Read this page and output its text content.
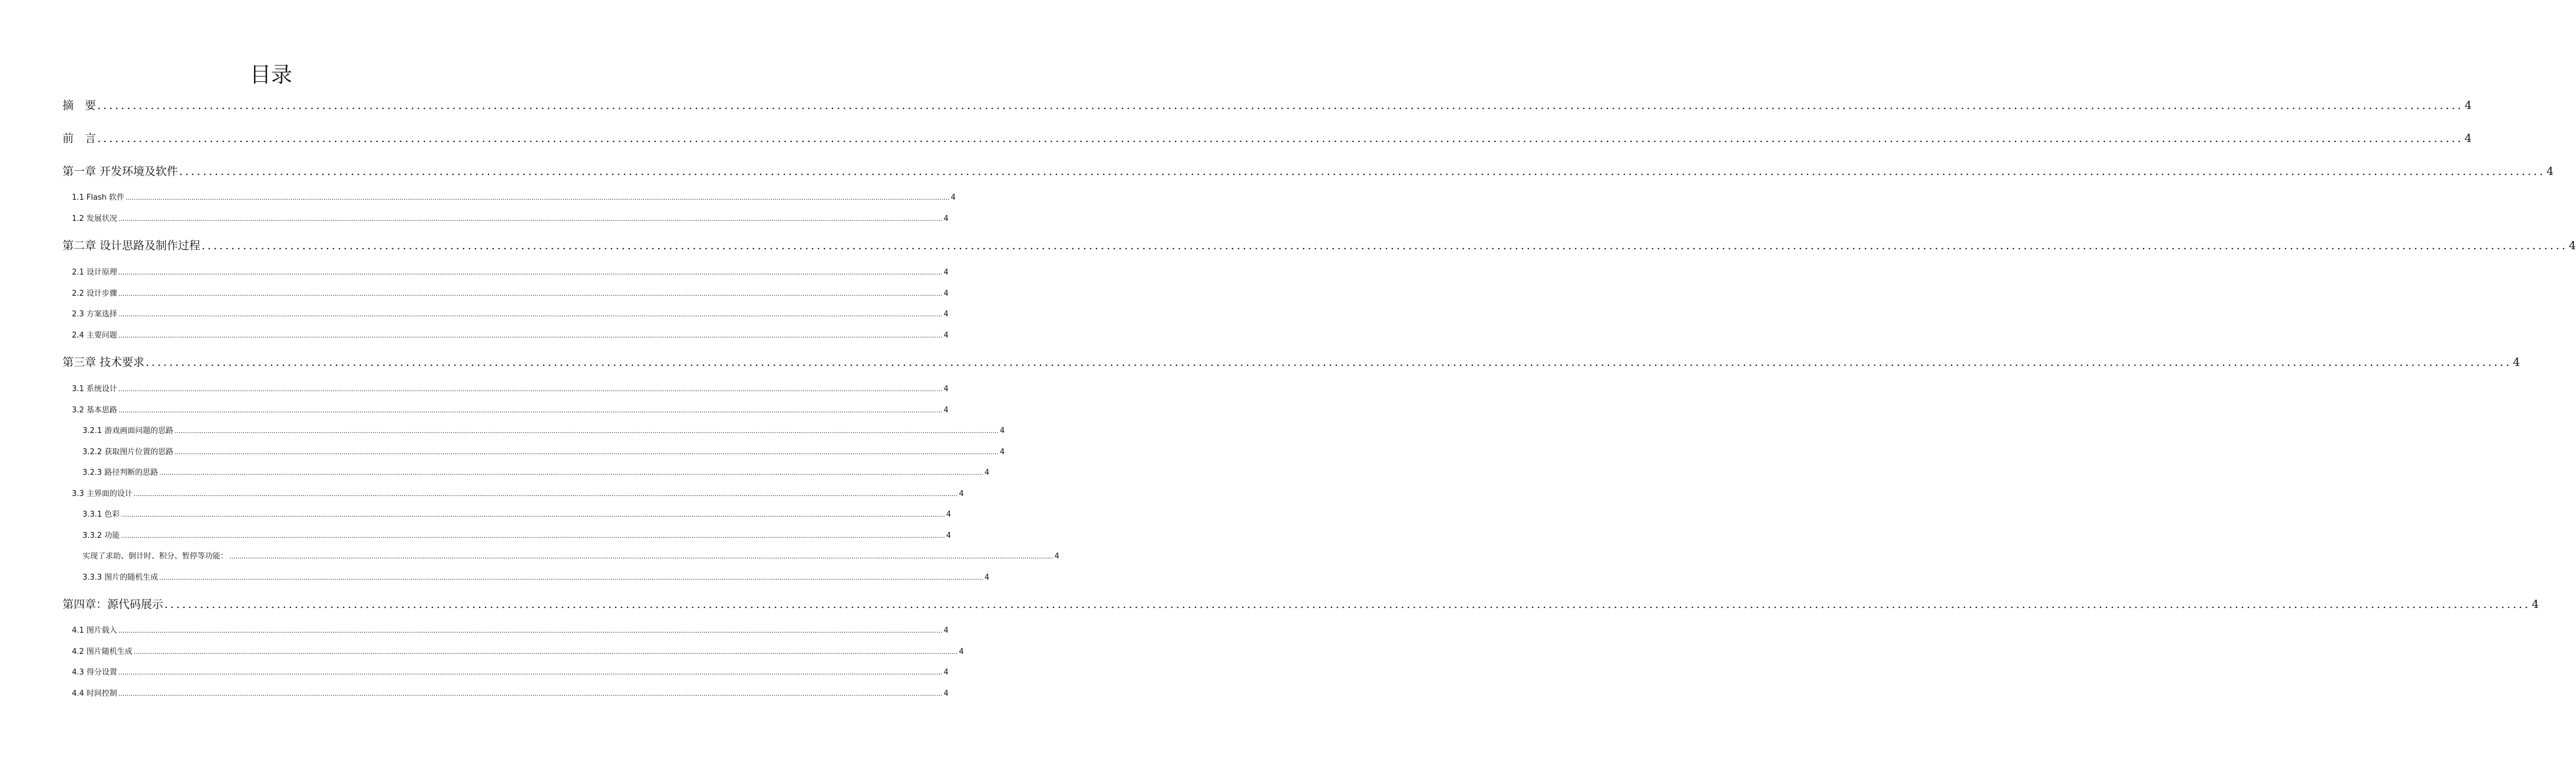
目录
摘　要 ................................................................................................................................................................................................................................................................................................................................................................................................................ 4
前　言 ................................................................................................................................................................................................................................................................................................................................................................................................................ 4
第一章 开发环境及软件 ................................................................................................................................................................................................................................................................................................................................................................................................................ 4
1.1 Flash 软件 ................................................................................................................................................................................................................................................................................................................................................................................................................ 4
1.2 发展状况 ................................................................................................................................................................................................................................................................................................................................................................................................................ 4
第二章 设计思路及制作过程 ................................................................................................................................................................................................................................................................................................................................................................................................................ 4
2.1 设计原理 ................................................................................................................................................................................................................................................................................................................................................................................................................ 4
2.2 设计步骤 ................................................................................................................................................................................................................................................................................................................................................................................................................ 4
2.3 方案选择 ................................................................................................................................................................................................................................................................................................................................................................................................................ 4
2.4 主要问题 ................................................................................................................................................................................................................................................................................................................................................................................................................ 4
第三章 技术要求 ................................................................................................................................................................................................................................................................................................................................................................................................................ 4
3.1 系统设计 ................................................................................................................................................................................................................................................................................................................................................................................................................ 4
3.2 基本思路 ................................................................................................................................................................................................................................................................................................................................................................................................................ 4
3.2.1 游戏画面问题的思路 ................................................................................................................................................................................................................................................................................................................................................................................................................ 4
3.2.2 获取图片位置的思路 ................................................................................................................................................................................................................................................................................................................................................................................................................ 4
3.2.3 路径判断的思路 ................................................................................................................................................................................................................................................................................................................................................................................................................ 4
3.3 主界面的设计 ................................................................................................................................................................................................................................................................................................................................................................................................................ 4
3.3.1 色彩 ................................................................................................................................................................................................................................................................................................................................................................................................................ 4
3.3.2 功能 ................................................................................................................................................................................................................................................................................................................................................................................................................ 4
实现了求助、倒计时、积分、暂停等功能： ................................................................................................................................................................................................................................................................................................................................................................................................................ 4
3.3.3 图片的随机生成 ................................................................................................................................................................................................................................................................................................................................................................................................................ 4
第四章：源代码展示 ................................................................................................................................................................................................................................................................................................................................................................................................................ 4
4.1 图片载入 ................................................................................................................................................................................................................................................................................................................................................................................................................ 4
4.2 图片随机生成 ................................................................................................................................................................................................................................................................................................................................................................................................................ 4
4.3 得分设置 ................................................................................................................................................................................................................................................................................................................................................................................................................ 4
4.4 时间控制 ................................................................................................................................................................................................................................................................................................................................................................................................................ 4
